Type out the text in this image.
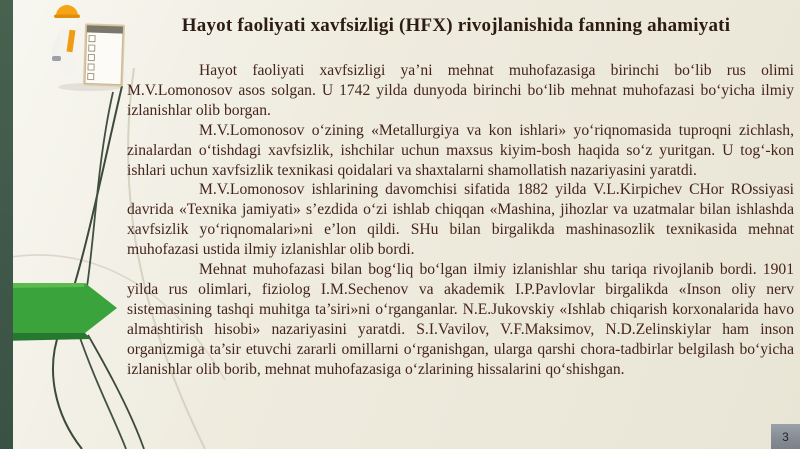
Hayot faoliyati xavfsizligi (HFX) rivojlanishida fanning ahamiyati

Hayot faoliyati xavfsizligi ya’ni mehnat muhofazasiga birinchi bo‘lib rus olimi M.V.Lomonosov asos solgan. U 1742 yilda dunyoda birinchi bo‘lib mehnat muhofazasi bo‘yicha ilmiy izlanishlar olib borgan.

M.V.Lomonosov o‘zining «Metallurgiya va kon ishlari» yo‘riqnomasida tuproqni zichlash, zinalardan o‘tishdagi xavfsizlik, ishchilar uchun maxsus kiyim-bosh haqida so‘z yuritgan. U tog‘-kon ishlari uchun xavfsizlik texnikasi qoidalari va shaxtalarni shamollatish nazariyasini yaratdi.

M.V.Lomonosov ishlarining davomchisi sifatida 1882 yilda V.L.Kirpichev CHor ROssiyasi davrida «Texnika jamiyati» s’ezdida o‘zi ishlab chiqqan «Mashina, jihozlar va uzatmalar bilan ishlashda xavfsizlik yo‘riqnomalari»ni e’lon qildi. SHu bilan birgalikda mashinasozlik texnikasida mehnat muhofazasi ustida ilmiy izlanishlar olib bordi.

Mehnat muhofazasi bilan bog‘liq bo‘lgan ilmiy izlanishlar shu tariqa rivojlanib bordi. 1901 yilda rus olimlari, fiziolog I.M.Sechenov va akademik I.P.Pavlovlar birgalikda «Inson oliy nerv sistemasining tashqi muhitga ta’siri»ni o‘rganganlar. N.E.Jukovskiy «Ishlab chiqarish korxonalarida havo almashtirish hisobi» nazariyasini yaratdi. S.I.Vavilov, V.F.Maksimov, N.D.Zelinskiylar ham inson organizmiga ta’sir etuvchi zararli omillarni o‘rganishgan, ularga qarshi chora-tadbirlar belgilash bo‘yicha izlanishlar olib borib, mehnat muhofazasiga o‘zlarining hissalarini qo‘shishgan.

3
